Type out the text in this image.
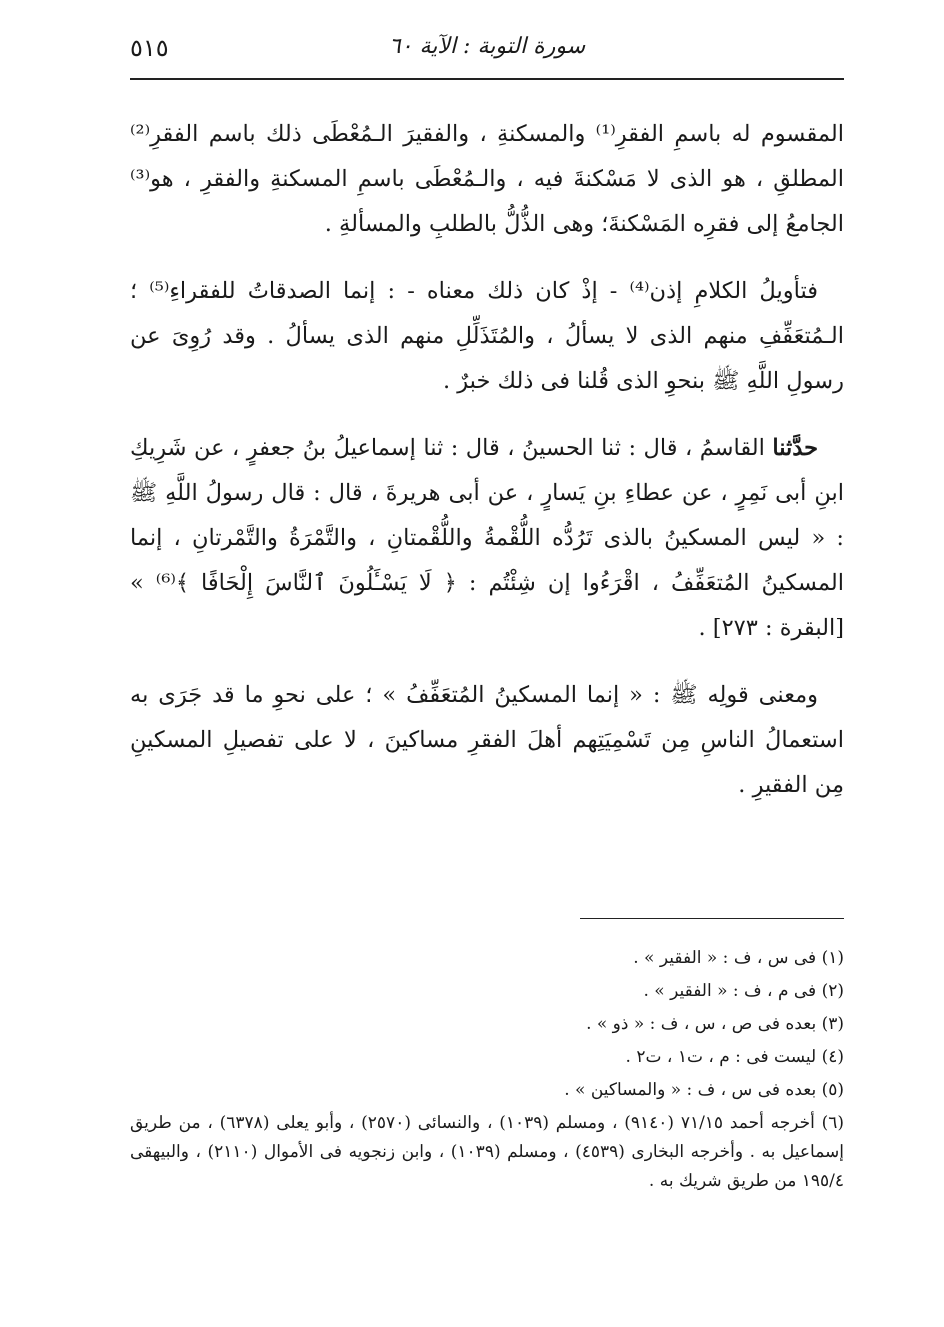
سورة التوبة : الآية ٦٠
٥١٥

المقسوم له باسمِ الفقرِ⁽¹⁾ والمسكنةِ ، والفقيرَ الـمُعْطَى ذلك باسم الفقرِ⁽²⁾ المطلقِ ، هو الذى لا مَسْكنةَ فيه ، والـمُعْطَى باسمِ المسكنةِ والفقرِ ، هو⁽³⁾ الجامعُ إلى فقرِه المَسْكنةَ؛ وهى الذُّلُّ بالطلبِ والمسألةِ .

فتأويلُ الكلامِ إذن⁽⁴⁾ - إذْ كان ذلك معناه - : إنما الصدقاتُ للفقراءِ⁽⁵⁾ ؛ الـمُتعَفِّفِ منهم الذى لا يسألُ ، والمُتَذَلِّلِ منهم الذى يسألُ . وقد رُوِىَ عن رسولِ اللَّهِ ﷺ بنحوِ الذى قُلنا فى ذلك خبرٌ .

حدَّثنا القاسمُ ، قال : ثنا الحسينُ ، قال : ثنا إسماعيلُ بنُ جعفرٍ ، عن شَرِيكِ ابنِ أبى نَمِرٍ ، عن عطاءِ بنِ يَسارٍ ، عن أبى هريرةَ ، قال : قال رسولُ اللَّهِ ﷺ : « ليس المسكينُ بالذى تَرُدُّه اللُّقْمةُ واللُّقْمتانِ ، والتَّمْرَةُ والتَّمْرتانِ ، إنما المسكينُ المُتعَفِّفُ ، اقْرَءُوا إن شِئْتُم : ﴿ لَا يَسْـَٔلُونَ ٱلنَّاسَ إِلْحَافًا ﴾⁽⁶⁾ » [البقرة : ٢٧٣] .

ومعنى قولِه ﷺ : « إنما المسكينُ المُتعَفِّفُ » ؛ على نحوِ ما قد جَرَى به استعمالُ الناسِ مِن تَسْمِيَتِهم أهلَ الفقرِ مساكينَ ، لا على تفصيلِ المسكينِ مِن الفقيرِ .

(١) فى س ، ف : « الفقير » .
(٢) فى م ، ف : « الفقير » .
(٣) بعده فى ص ، س ، ف : « ذو » .
(٤) ليست فى : م ، ت١ ، ت٢ .
(٥) بعده فى س ، ف : « والمساكين » .
(٦) أخرجه أحمد ٧١/١٥ (٩١٤٠) ، ومسلم (١٠٣٩) ، والنسائى (٢٥٧٠) ، وأبو يعلى (٦٣٧٨) ، من طريق إسماعيل به . وأخرجه البخارى (٤٥٣٩) ، ومسلم (١٠٣٩) ، وابن زنجويه فى الأموال (٢١١٠) ، والبيهقى ١٩٥/٤ من طريق شريك به .
